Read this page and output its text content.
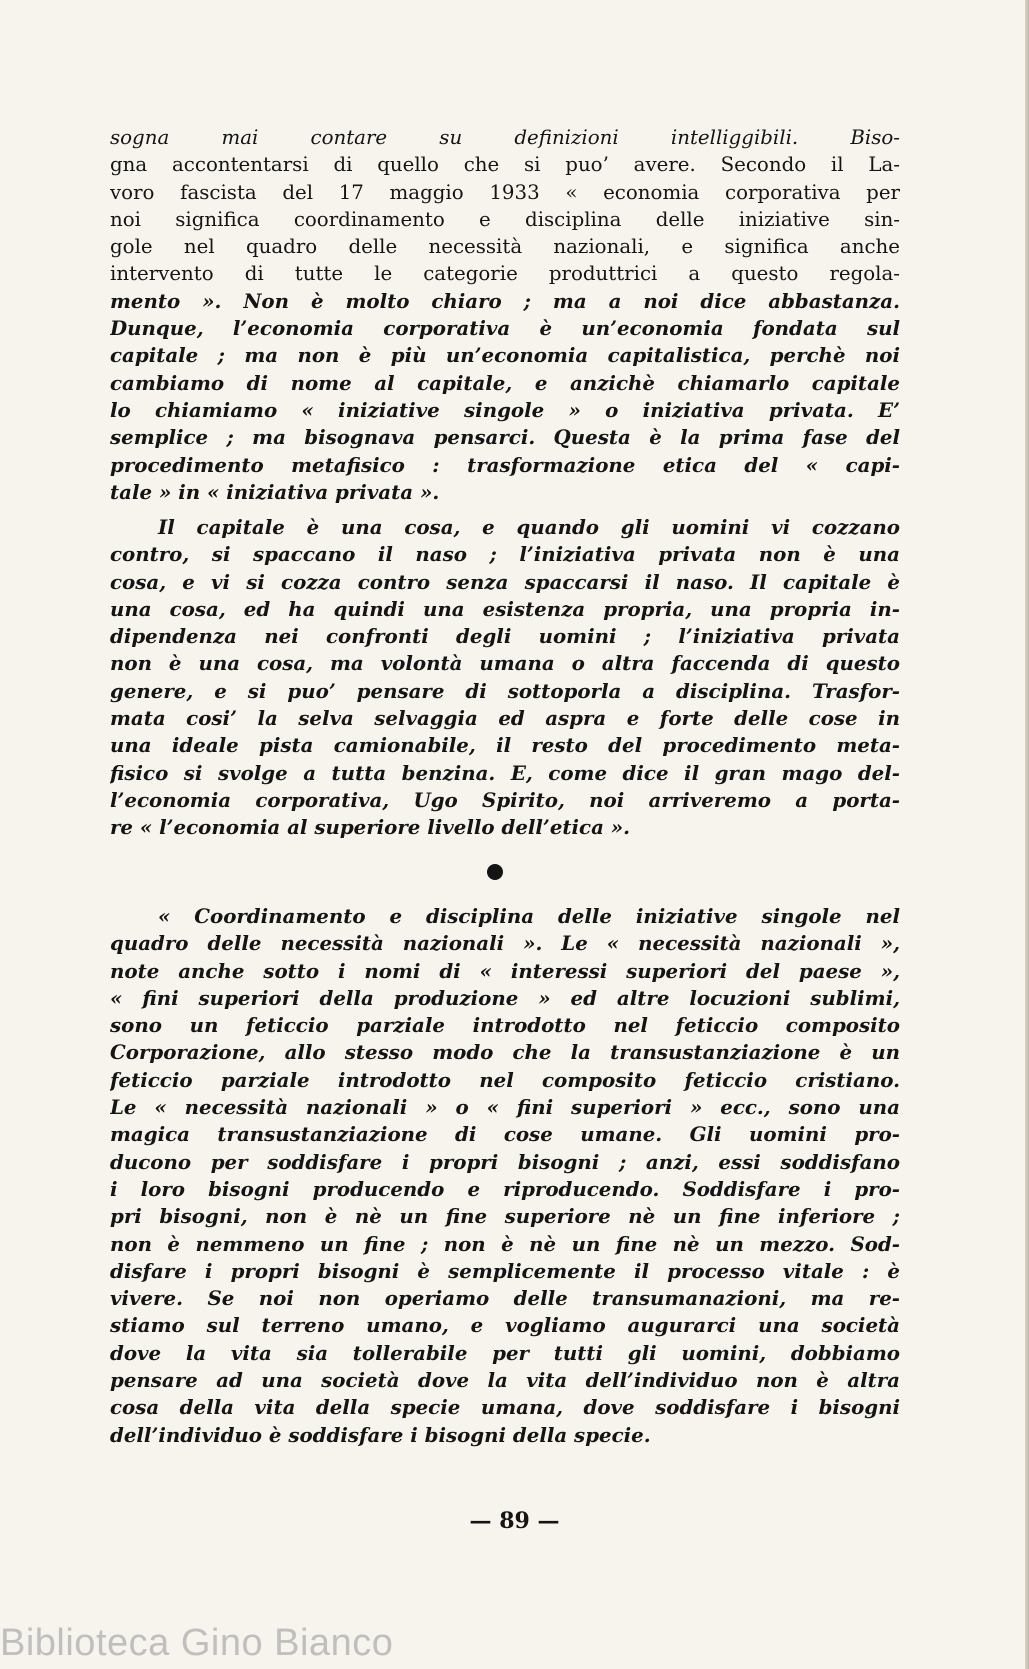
sogna mai contare su definizioni intelliggibili. Biso-
gna accontentarsi di quello che si puo’ avere. Secondo il La-
voro fascista del 17 maggio 1933 « economia corporativa per
noi significa coordinamento e disciplina delle iniziative sin-
gole nel quadro delle necessità nazionali, e significa anche
intervento di tutte le categorie produttrici a questo regola-
mento ». Non è molto chiaro ; ma a noi dice abbastanza.
Dunque, l’economia corporativa è un’economia fondata sul
capitale ; ma non è più un’economia capitalistica, perchè noi
cambiamo di nome al capitale, e anzichè chiamarlo capitale
lo chiamiamo « iniziative singole » o iniziativa privata. E’
semplice ; ma bisognava pensarci. Questa è la prima fase del
procedimento metafisico : trasformazione etica del « capi-
tale » in « iniziativa privata ».
Il capitale è una cosa, e quando gli uomini vi cozzano
contro, si spaccano il naso ; l’iniziativa privata non è una
cosa, e vi si cozza contro senza spaccarsi il naso. Il capitale è
una cosa, ed ha quindi una esistenza propria, una propria in-
dipendenza nei confronti degli uomini ; l’iniziativa privata
non è una cosa, ma volontà umana o altra faccenda di questo
genere, e si puo’ pensare di sottoporla a disciplina. Trasfor-
mata cosi’ la selva selvaggia ed aspra e forte delle cose in
una ideale pista camionabile, il resto del procedimento meta-
fisico si svolge a tutta benzina. E, come dice il gran mago del-
l’economia corporativa, Ugo Spirito, noi arriveremo a porta-
re « l’economia al superiore livello dell’etica ».
« Coordinamento e disciplina delle iniziative singole nel
quadro delle necessità nazionali ». Le « necessità nazionali »,
note anche sotto i nomi di « interessi superiori del paese »,
« fini superiori della produzione » ed altre locuzioni sublimi,
sono un feticcio parziale introdotto nel feticcio composito
Corporazione, allo stesso modo che la transustanziazione è un
feticcio parziale introdotto nel composito feticcio cristiano.
Le « necessità nazionali » o « fini superiori » ecc., sono una
magica transustanziazione di cose umane. Gli uomini pro-
ducono per soddisfare i propri bisogni ; anzi, essi soddisfano
i loro bisogni producendo e riproducendo. Soddisfare i pro-
pri bisogni, non è nè un fine superiore nè un fine inferiore ;
non è nemmeno un fine ; non è nè un fine nè un mezzo. Sod-
disfare i propri bisogni è semplicemente il processo vitale : è
vivere. Se noi non operiamo delle transumanazioni, ma re-
stiamo sul terreno umano, e vogliamo augurarci una società
dove la vita sia tollerabile per tutti gli uomini, dobbiamo
pensare ad una società dove la vita dell’individuo non è altra
cosa della vita della specie umana, dove soddisfare i bisogni
dell’individuo è soddisfare i bisogni della specie.
— 89 —
Biblioteca Gino Bianco
